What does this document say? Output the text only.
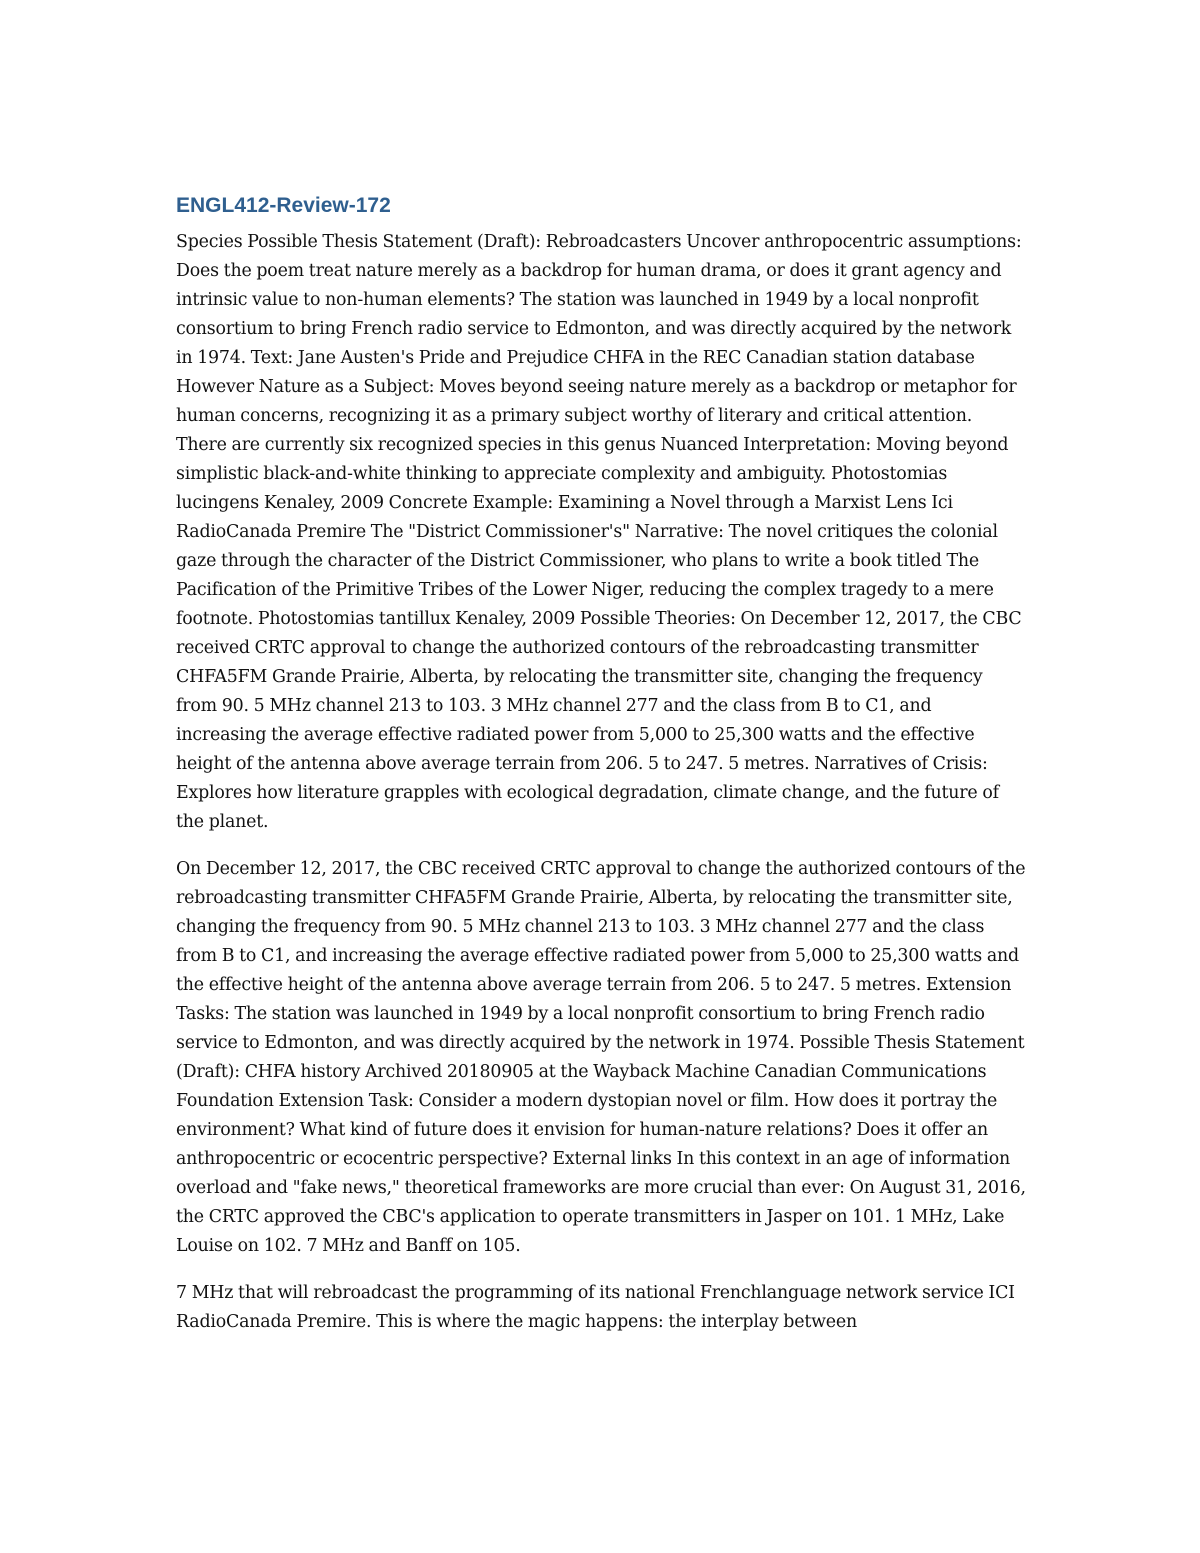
ENGL412-Review-172

Species Possible Thesis Statement (Draft): Rebroadcasters Uncover anthropocentric assumptions: Does the poem treat nature merely as a backdrop for human drama, or does it grant agency and intrinsic value to non-human elements? The station was launched in 1949 by a local nonprofit consortium to bring French radio service to Edmonton, and was directly acquired by the network in 1974. Text: Jane Austen's Pride and Prejudice CHFA in the REC Canadian station database However Nature as a Subject: Moves beyond seeing nature merely as a backdrop or metaphor for human concerns, recognizing it as a primary subject worthy of literary and critical attention. There are currently six recognized species in this genus Nuanced Interpretation: Moving beyond simplistic black-and-white thinking to appreciate complexity and ambiguity. Photostomias lucingens Kenaley, 2009 Concrete Example: Examining a Novel through a Marxist Lens Ici RadioCanada Premire The "District Commissioner's" Narrative: The novel critiques the colonial gaze through the character of the District Commissioner, who plans to write a book titled The Pacification of the Primitive Tribes of the Lower Niger, reducing the complex tragedy to a mere footnote. Photostomias tantillux Kenaley, 2009 Possible Theories: On December 12, 2017, the CBC received CRTC approval to change the authorized contours of the rebroadcasting transmitter CHFA5FM Grande Prairie, Alberta, by relocating the transmitter site, changing the frequency from 90. 5 MHz channel 213 to 103. 3 MHz channel 277 and the class from B to C1, and increasing the average effective radiated power from 5,000 to 25,300 watts and the effective height of the antenna above average terrain from 206. 5 to 247. 5 metres. Narratives of Crisis: Explores how literature grapples with ecological degradation, climate change, and the future of the planet.

On December 12, 2017, the CBC received CRTC approval to change the authorized contours of the rebroadcasting transmitter CHFA5FM Grande Prairie, Alberta, by relocating the transmitter site, changing the frequency from 90. 5 MHz channel 213 to 103. 3 MHz channel 277 and the class from B to C1, and increasing the average effective radiated power from 5,000 to 25,300 watts and the effective height of the antenna above average terrain from 206. 5 to 247. 5 metres. Extension Tasks: The station was launched in 1949 by a local nonprofit consortium to bring French radio service to Edmonton, and was directly acquired by the network in 1974. Possible Thesis Statement (Draft): CHFA history Archived 20180905 at the Wayback Machine Canadian Communications Foundation Extension Task: Consider a modern dystopian novel or film. How does it portray the environment? What kind of future does it envision for human-nature relations? Does it offer an anthropocentric or ecocentric perspective? External links In this context in an age of information overload and "fake news," theoretical frameworks are more crucial than ever: On August 31, 2016, the CRTC approved the CBC's application to operate transmitters in Jasper on 101. 1 MHz, Lake Louise on 102. 7 MHz and Banff on 105.

7 MHz that will rebroadcast the programming of its national Frenchlanguage network service ICI RadioCanada Premire. This is where the magic happens: the interplay between
